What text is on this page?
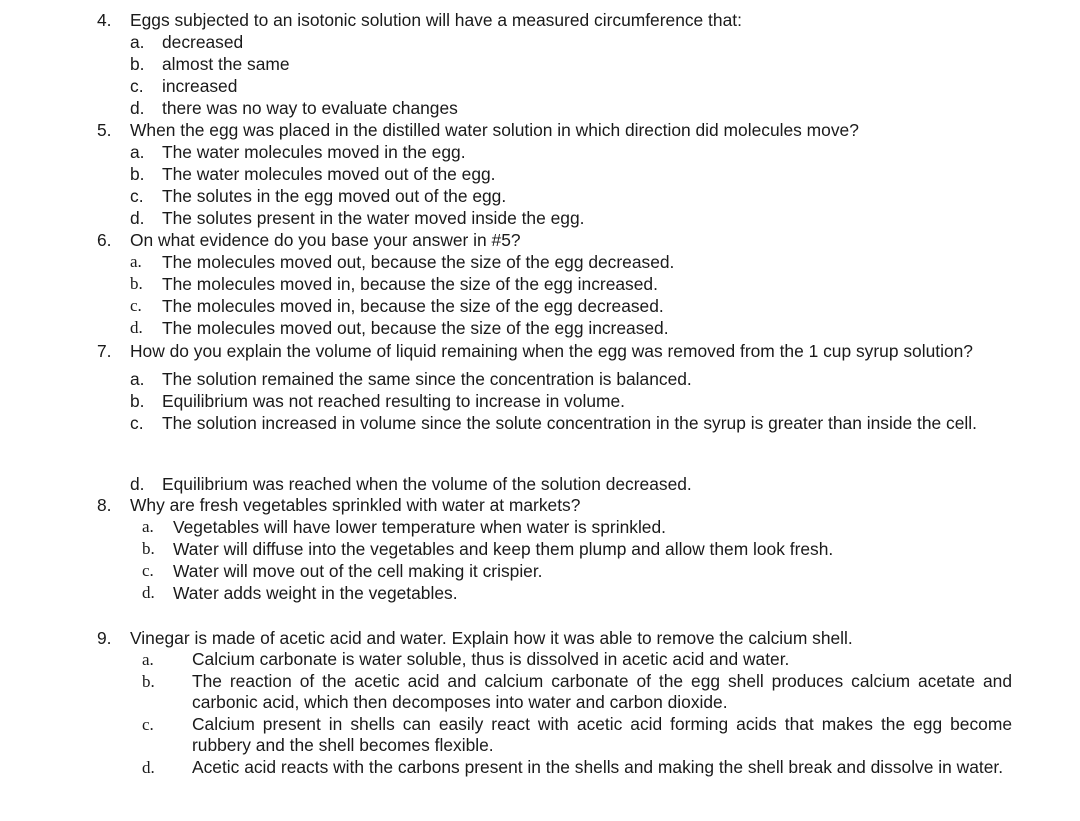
4.	Eggs subjected to an isotonic solution will have a measured circumference that:
a.	decreased
b.	almost the same
c.	increased
d.	there was no way to evaluate changes
5.	When the egg was placed in the distilled water solution in which direction did molecules move?
a.	The water molecules moved in the egg.
b.	The water molecules moved out of the egg.
c.	The solutes in the egg moved out of the egg.
d.	The solutes present in the water moved inside the egg.
6.	On what evidence do you base your answer in #5?
a.	The molecules moved out, because the size of the egg decreased.
b.	The molecules moved in, because the size of the egg increased.
c.	The molecules moved in, because the size of the egg decreased.
d.	The molecules moved out, because the size of the egg increased.
7.	How do you explain the volume of liquid remaining when the egg was removed from the 1 cup syrup solution?
a.	The solution remained the same since the concentration is balanced.
b.	Equilibrium was not reached resulting to increase in volume.
c.	The solution increased in volume since the solute concentration in the syrup is greater than inside the cell.
d.	Equilibrium was reached when the volume of the solution decreased.
8.	Why are fresh vegetables sprinkled with water at markets?
a.	Vegetables will have lower temperature when water is sprinkled.
b.	Water will diffuse into the vegetables and keep them plump and allow them look fresh.
c.	Water will move out of the cell making it crispier.
d.	Water adds weight in the vegetables.
9.	Vinegar is made of acetic acid and water. Explain how it was able to remove the calcium shell.
a.	Calcium carbonate is water soluble, thus is dissolved in acetic acid and water.
b.	The reaction of the acetic acid and calcium carbonate of the egg shell produces calcium acetate and carbonic acid, which then decomposes into water and carbon dioxide.
c.	Calcium present in shells can easily react with acetic acid forming acids that makes the egg become rubbery and the shell becomes flexible.
d.	Acetic acid reacts with the carbons present in the shells and making the shell break and dissolve in water.
